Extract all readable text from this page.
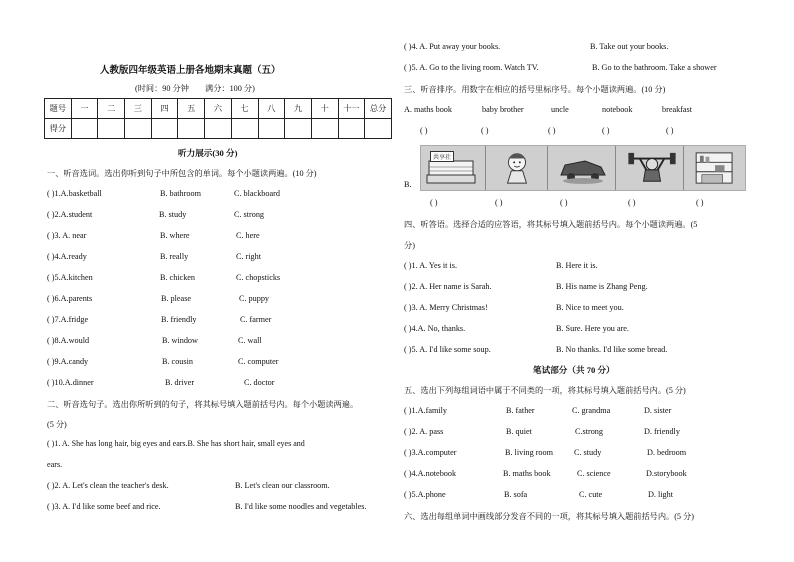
人教版四年级英语上册各地期末真题（五）
(时间：90 分钟 满分：100 分)
题号	一	二	三	四	五	六	七	八	九	十	十一	总分
得分												
听力展示(30 分)
一、听音选词。选出你听到句子中所包含的单词。每个小题读两遍。(10 分)
( )1.A.basketball	B. bathroom	C. blackboard
( )2.A.student	B. study	C. strong
( )3. A. near	B. where	C. here
( )4.A.ready	B. really	C. right
( )5.A.kitchen	B. chicken	C. chopsticks
( )6.A.parents	B. please	C. puppy
( )7.A.fridge	B. friendly	C. farmer
( )8.A.would	B. window	C. wall
( )9.A.candy	B. cousin	C. computer
( )10.A.dinner	B. driver	C. doctor
二、听音选句子。选出你所听到的句子，将其标号填入题前括号内。每个小题读两遍。
(5 分)
( )1. A. She has long hair, big eyes and ears.B. She has short hair, small eyes and
ears.
( )2. A. Let's clean the teacher's desk.	B. Let's clean our classroom.
( )3. A. I'd like some beef and rice.	B. I'd like some noodles and vegetables.
( )4. A. Put away your books.	B. Take out your books.
( )5. A. Go to the living room. Watch TV.	B. Go to the bathroom. Take a shower
三、听音排序。用数字在相应的括号里标序号。每个小题读两遍。(10 分)
A. maths book	baby brother	uncle	notebook	breakfast
( )	( )	( )	( )	( )
B.
共享社
( )	( )	( )	( )	( )
四、听答语。选择合适的应答语，将其标号填入题前括号内。每个小题读两遍。(5
分)
( )1. A. Yes it is.	B. Here it is.
( )2. A. Her name is Sarah.	B. His name is Zhang Peng.
( )3. A. Merry Christmas!	B. Nice to meet you.
( )4.A. No, thanks.	B. Sure. Here you are.
( )5. A. I'd like some soup.	B. No thanks. I'd like some bread.
笔试部分（共 70 分）
五、选出下列每组词语中属于不同类的一项，将其标号填入题前括号内。(5 分)
( )1.A.family	B. father	C. grandma	D. sister
( )2. A. pass	B. quiet	C.strong	D. friendly
( )3.A.computer	B. living room	C. study	D. bedroom
( )4.A.notebook	B. maths book	C. science	D.storybook
( )5.A.phone	B. sofa	C. cute	D. light
六、选出每组单词中画线部分发音不同的一项，将其标号填入题前括号内。(5 分)
